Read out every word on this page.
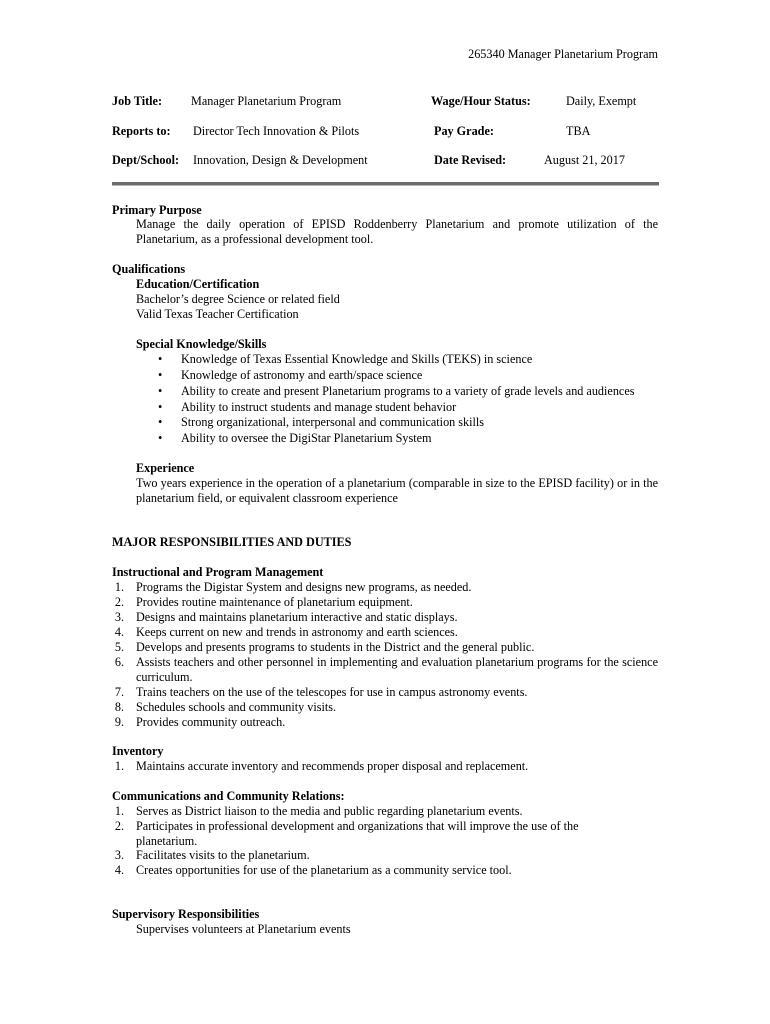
265340 Manager Planetarium Program
Job Title: Manager Planetarium Program	Wage/Hour Status:	Daily, Exempt
Reports to: Director Tech Innovation & Pilots	Pay Grade:	TBA
Dept/School: Innovation, Design & Development	Date Revised:	August 21, 2017
Primary Purpose
Manage the daily operation of EPISD Roddenberry Planetarium and promote utilization of the Planetarium, as a professional development tool.
Qualifications
Education/Certification
Bachelor’s degree Science or related field
Valid Texas Teacher Certification
Special Knowledge/Skills
• Knowledge of Texas Essential Knowledge and Skills (TEKS) in science
• Knowledge of astronomy and earth/space science
• Ability to create and present Planetarium programs to a variety of grade levels and audiences
• Ability to instruct students and manage student behavior
• Strong organizational, interpersonal and communication skills
• Ability to oversee the DigiStar Planetarium System
Experience
Two years experience in the operation of a planetarium (comparable in size to the EPISD facility) or in the planetarium field, or equivalent classroom experience
MAJOR RESPONSIBILITIES AND DUTIES
Instructional and Program Management
1. Programs the Digistar System and designs new programs, as needed.
2. Provides routine maintenance of planetarium equipment.
3. Designs and maintains planetarium interactive and static displays.
4. Keeps current on new and trends in astronomy and earth sciences.
5. Develops and presents programs to students in the District and the general public.
6. Assists teachers and other personnel in implementing and evaluation planetarium programs for the science curriculum.
7. Trains teachers on the use of the telescopes for use in campus astronomy events.
8. Schedules schools and community visits.
9. Provides community outreach.
Inventory
1. Maintains accurate inventory and recommends proper disposal and replacement.
Communications and Community Relations:
1. Serves as District liaison to the media and public regarding planetarium events.
2. Participates in professional development and organizations that will improve the use of the planetarium.
3. Facilitates visits to the planetarium.
4. Creates opportunities for use of the planetarium as a community service tool.
Supervisory Responsibilities
Supervises volunteers at Planetarium events
